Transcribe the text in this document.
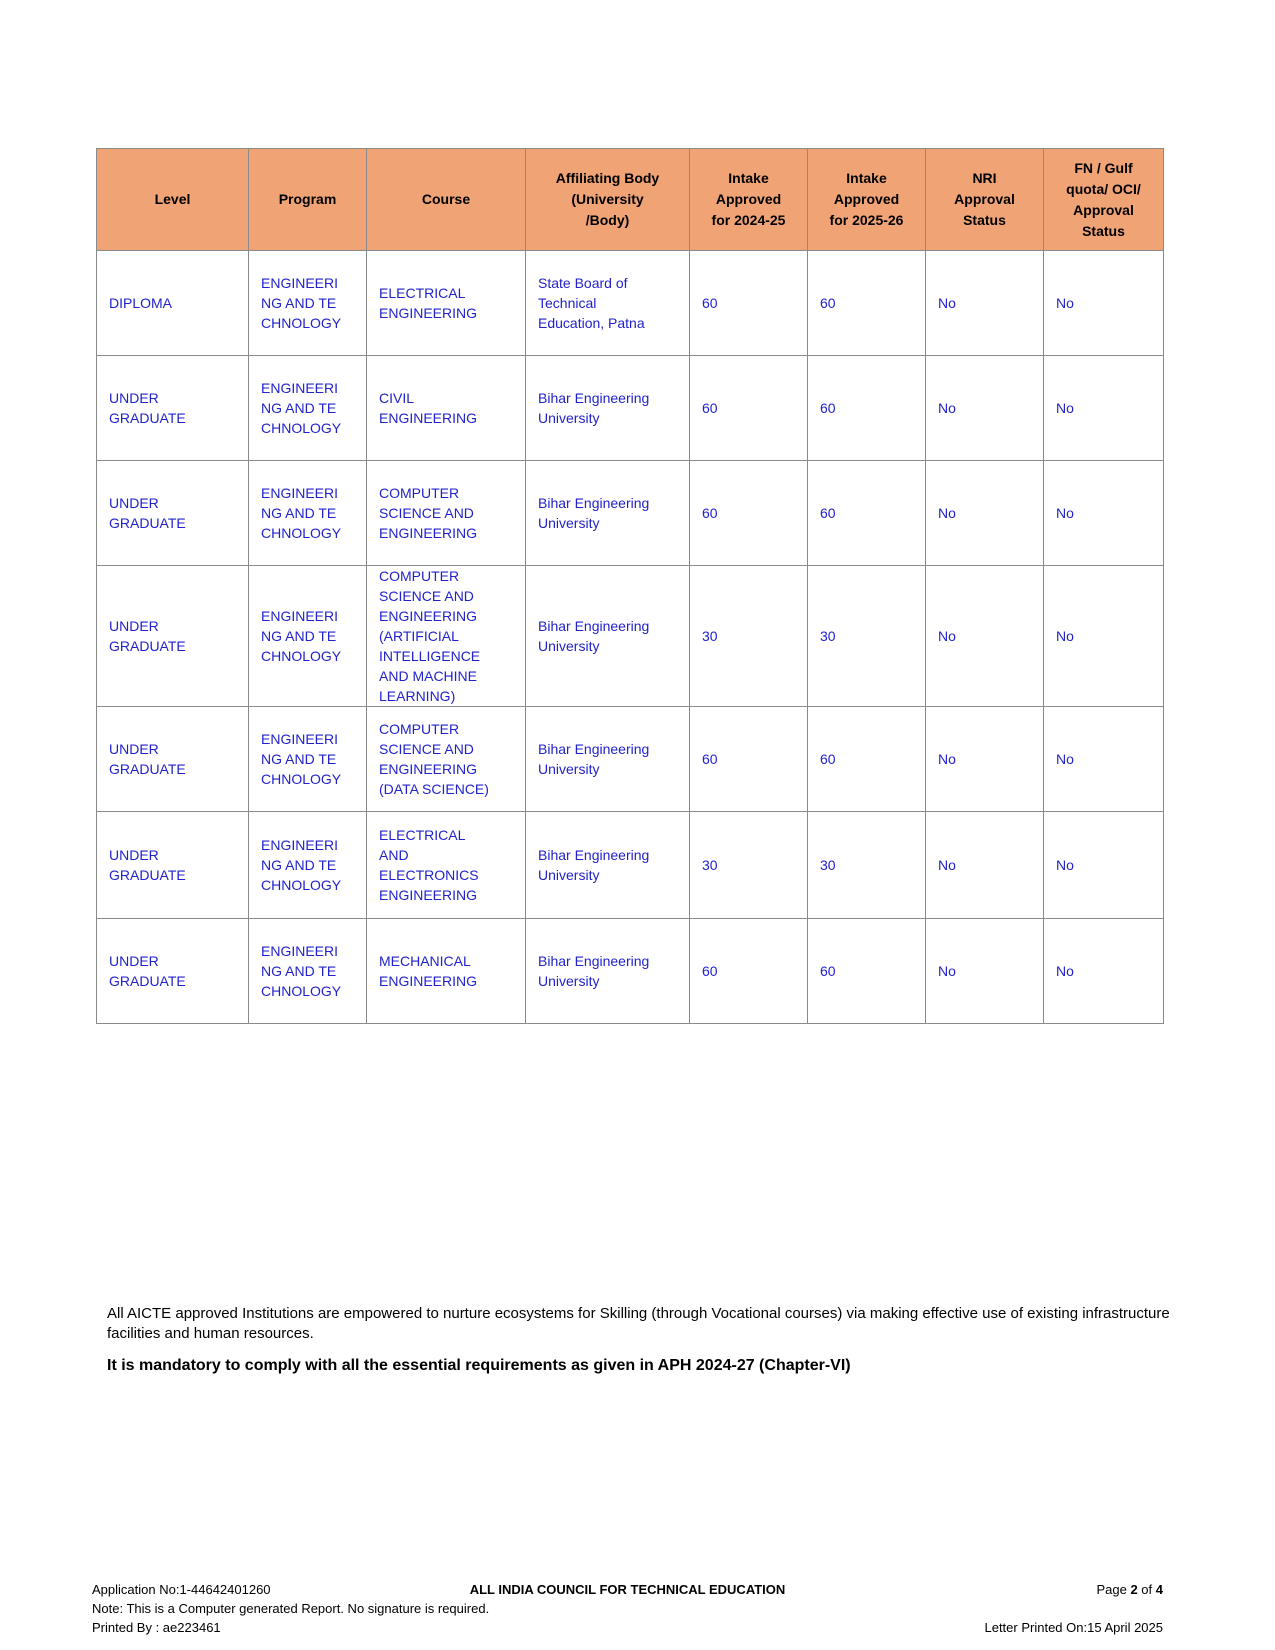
Level	Program	Course	Affiliating Body (University /Body)	Intake Approved for 2024-25	Intake Approved for 2025-26	NRI Approval Status	FN / Gulf quota/ OCI/ Approval Status
DIPLOMA	ENGINEERING AND TECHNOLOGY	ELECTRICAL ENGINEERING	State Board of Technical Education, Patna	60	60	No	No
UNDER GRADUATE	ENGINEERING AND TECHNOLOGY	CIVIL ENGINEERING	Bihar Engineering University	60	60	No	No
UNDER GRADUATE	ENGINEERING AND TECHNOLOGY	COMPUTER SCIENCE AND ENGINEERING	Bihar Engineering University	60	60	No	No
UNDER GRADUATE	ENGINEERING AND TECHNOLOGY	COMPUTER SCIENCE AND ENGINEERING (ARTIFICIAL INTELLIGENCE AND MACHINE LEARNING)	Bihar Engineering University	30	30	No	No
UNDER GRADUATE	ENGINEERING AND TECHNOLOGY	COMPUTER SCIENCE AND ENGINEERING (DATA SCIENCE)	Bihar Engineering University	60	60	No	No
UNDER GRADUATE	ENGINEERING AND TECHNOLOGY	ELECTRICAL AND ELECTRONICS ENGINEERING	Bihar Engineering University	30	30	No	No
UNDER GRADUATE	ENGINEERING AND TECHNOLOGY	MECHANICAL ENGINEERING	Bihar Engineering University	60	60	No	No

All AICTE approved Institutions are empowered to nurture ecosystems for Skilling (through Vocational courses) via making effective use of existing infrastructure facilities and human resources.

It is mandatory to comply with all the essential requirements as given in APH 2024-27 (Chapter-VI)

Application No:1-44642401260	ALL INDIA COUNCIL FOR TECHNICAL EDUCATION	Page 2 of 4
Note: This is a Computer generated Report. No signature is required.
Printed By : ae223461	Letter Printed On:15 April 2025
